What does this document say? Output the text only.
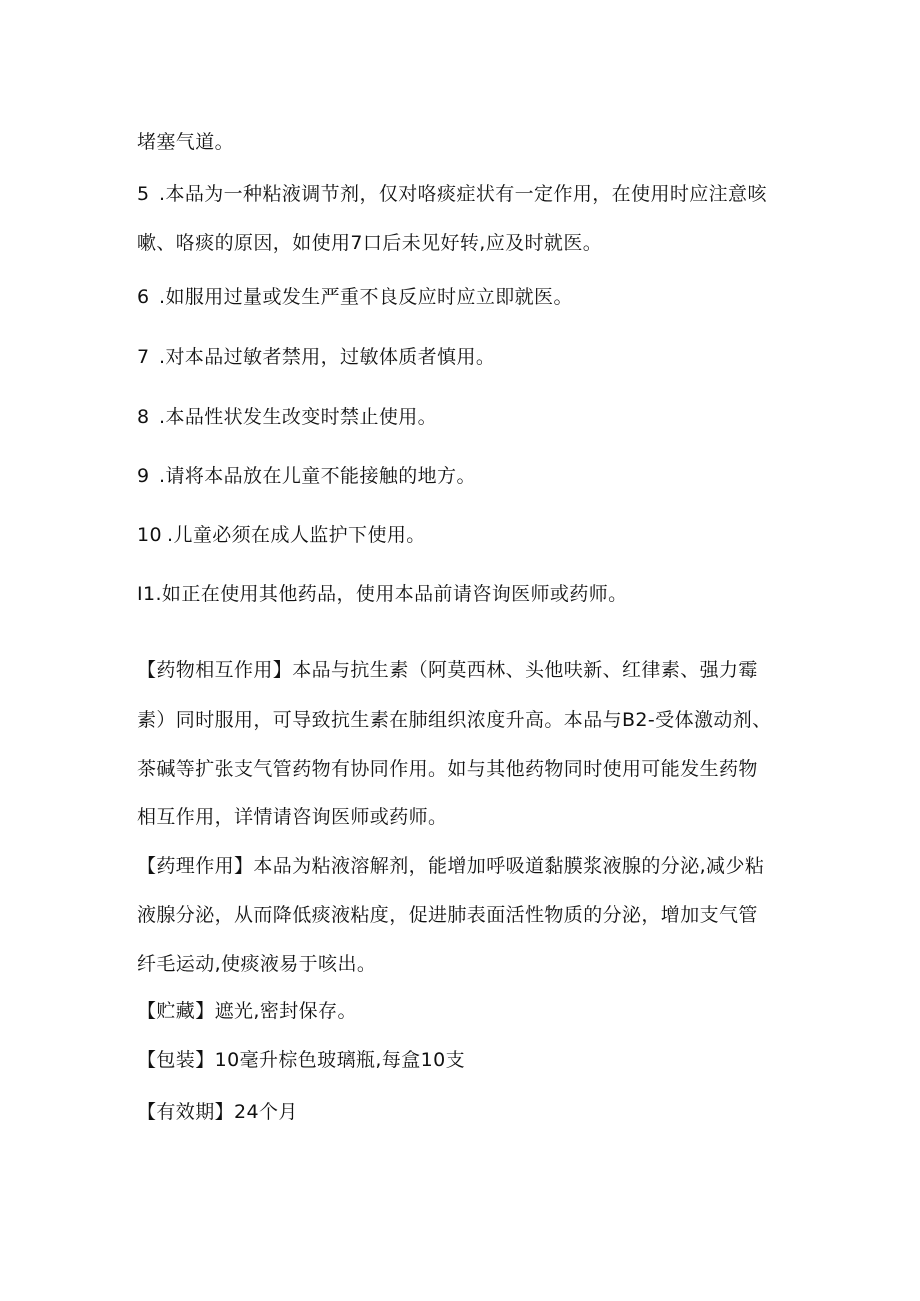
堵塞气道。
5 .本品为一种粘液调节剂，仅对咯痰症状有一定作用，在使用时应注意咳
嗽、咯痰的原因，如使用7口后未见好转,应及时就医。
6 .如服用过量或发生严重不良反应时应立即就医。
7 .对本品过敏者禁用，过敏体质者慎用。
8 .本品性状发生改变时禁止使用。
9 .请将本品放在儿童不能接触的地方。
10 .儿童必须在成人监护下使用。
I1.如正在使用其他药品，使用本品前请咨询医师或药师。
【药物相互作用】本品与抗生素（阿莫西林、头他呋新、红律素、强力霉
素）同时服用，可导致抗生素在肺组织浓度升高。本品与B2-受体激动剂、
茶碱等扩张支气管药物有协同作用。如与其他药物同时使用可能发生药物
相互作用，详情请咨询医师或药师。
【药理作用】本品为粘液溶解剂，能增加呼吸道黏膜浆液腺的分泌,减少粘
液腺分泌，从而降低痰液粘度，促进肺表面活性物质的分泌，增加支气管
纤毛运动,使痰液易于咳出。
【贮藏】遮光,密封保存。
【包装】10毫升棕色玻璃瓶,每盒10支
【有效期】24个月
